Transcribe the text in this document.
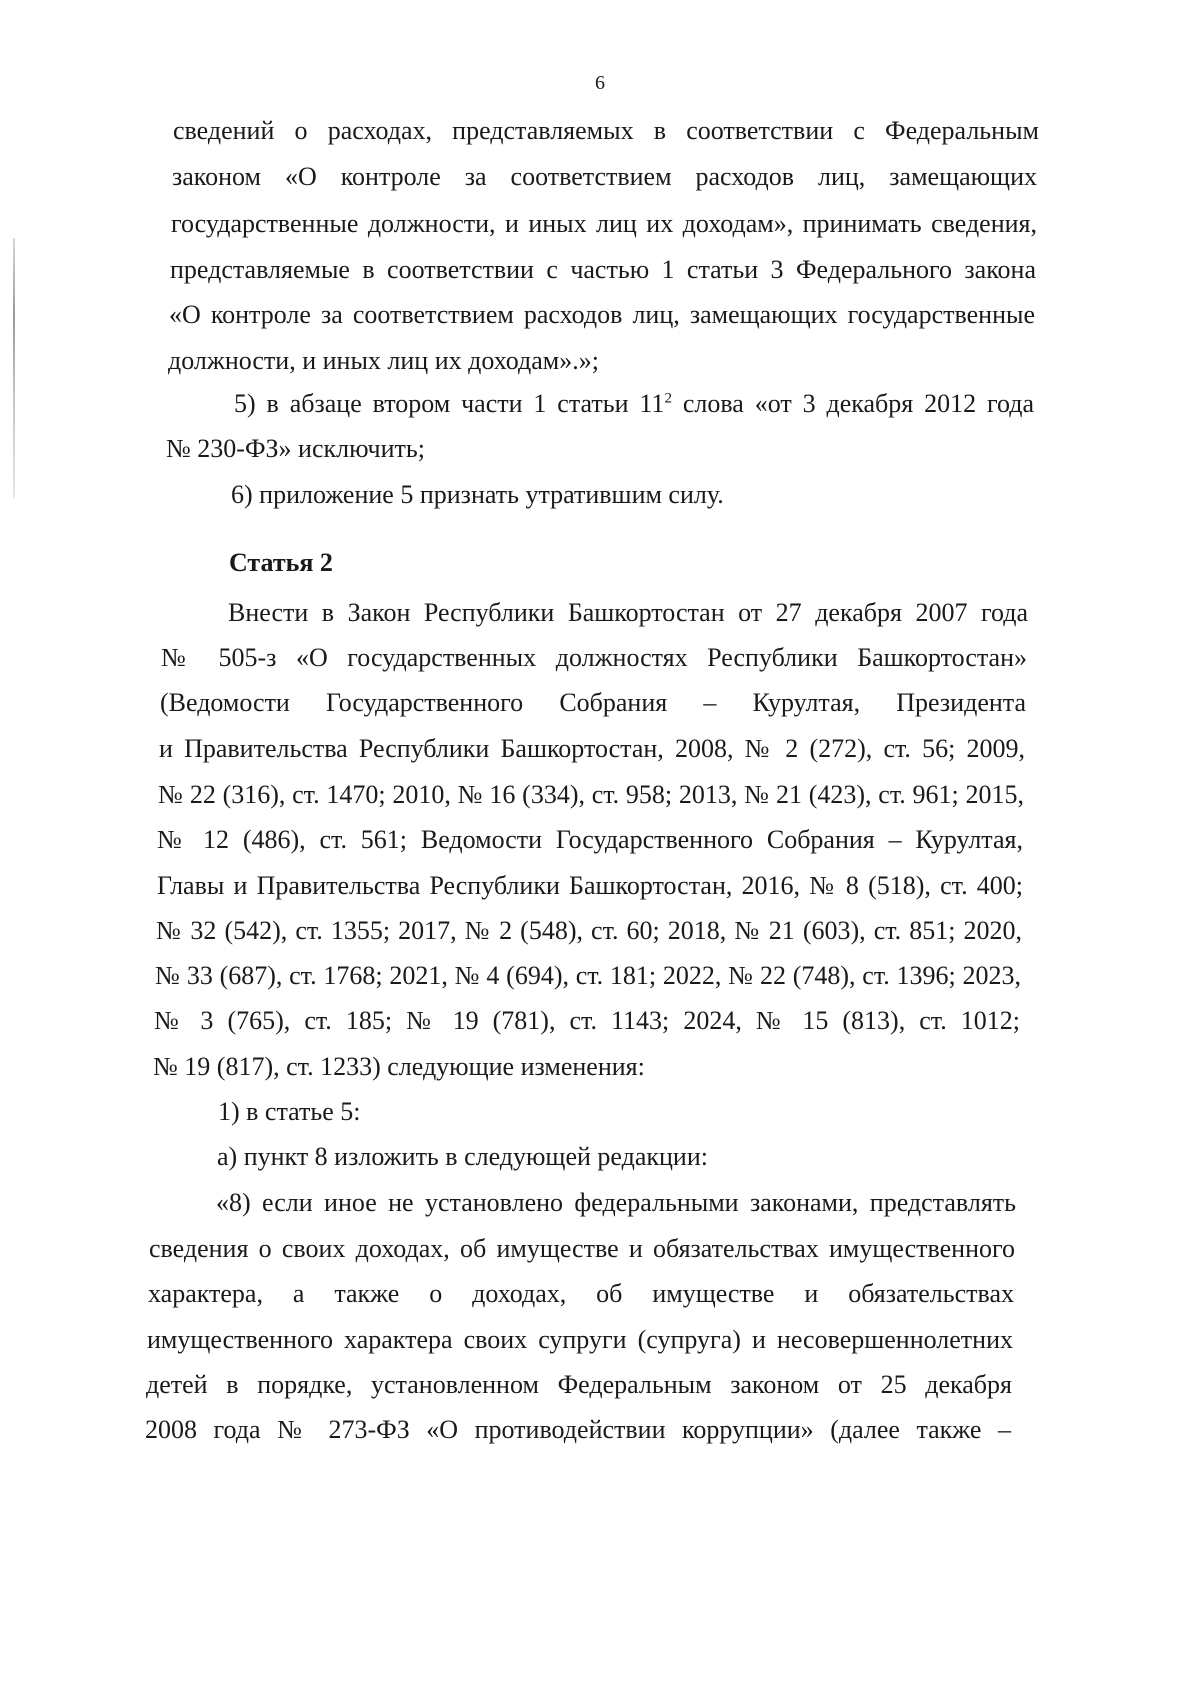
6
сведений о расходах, представляемых в соответствии с Федеральным
законом «О контроле за соответствием расходов лиц, замещающих
государственные должности, и иных лиц их доходам», принимать сведения,
представляемые в соответствии с частью 1 статьи 3 Федерального закона
«О контроле за соответствием расходов лиц, замещающих государственные
должности, и иных лиц их доходам».»;
5) в абзаце втором части 1 статьи $11^2$ слова «от 3 декабря 2012 года
№ 230-ФЗ» исключить;
6) приложение 5 признать утратившим силу.
Статья 2
Внести в Закон Республики Башкортостан от 27 декабря 2007 года
№ 505-з «О государственных должностях Республики Башкортостан»
(Ведомости Государственного Собрания – Курултая, Президента
и Правительства Республики Башкортостан, 2008, № 2 (272), ст. 56; 2009,
№ 22 (316), ст. 1470; 2010, № 16 (334), ст. 958; 2013, № 21 (423), ст. 961; 2015,
№ 12 (486), ст. 561; Ведомости Государственного Собрания – Курултая,
Главы и Правительства Республики Башкортостан, 2016, № 8 (518), ст. 400;
№ 32 (542), ст. 1355; 2017, № 2 (548), ст. 60; 2018, № 21 (603), ст. 851; 2020,
№ 33 (687), ст. 1768; 2021, № 4 (694), ст. 181; 2022, № 22 (748), ст. 1396; 2023,
№ 3 (765), ст. 185; № 19 (781), ст. 1143; 2024, № 15 (813), ст. 1012;
№ 19 (817), ст. 1233) следующие изменения:
1) в статье 5:
а) пункт 8 изложить в следующей редакции:
«8) если иное не установлено федеральными законами, представлять
сведения о своих доходах, об имуществе и обязательствах имущественного
характера, а также о доходах, об имуществе и обязательствах
имущественного характера своих супруги (супруга) и несовершеннолетних
детей в порядке, установленном Федеральным законом от 25 декабря
2008 года № 273-ФЗ «О противодействии коррупции» (далее также –
